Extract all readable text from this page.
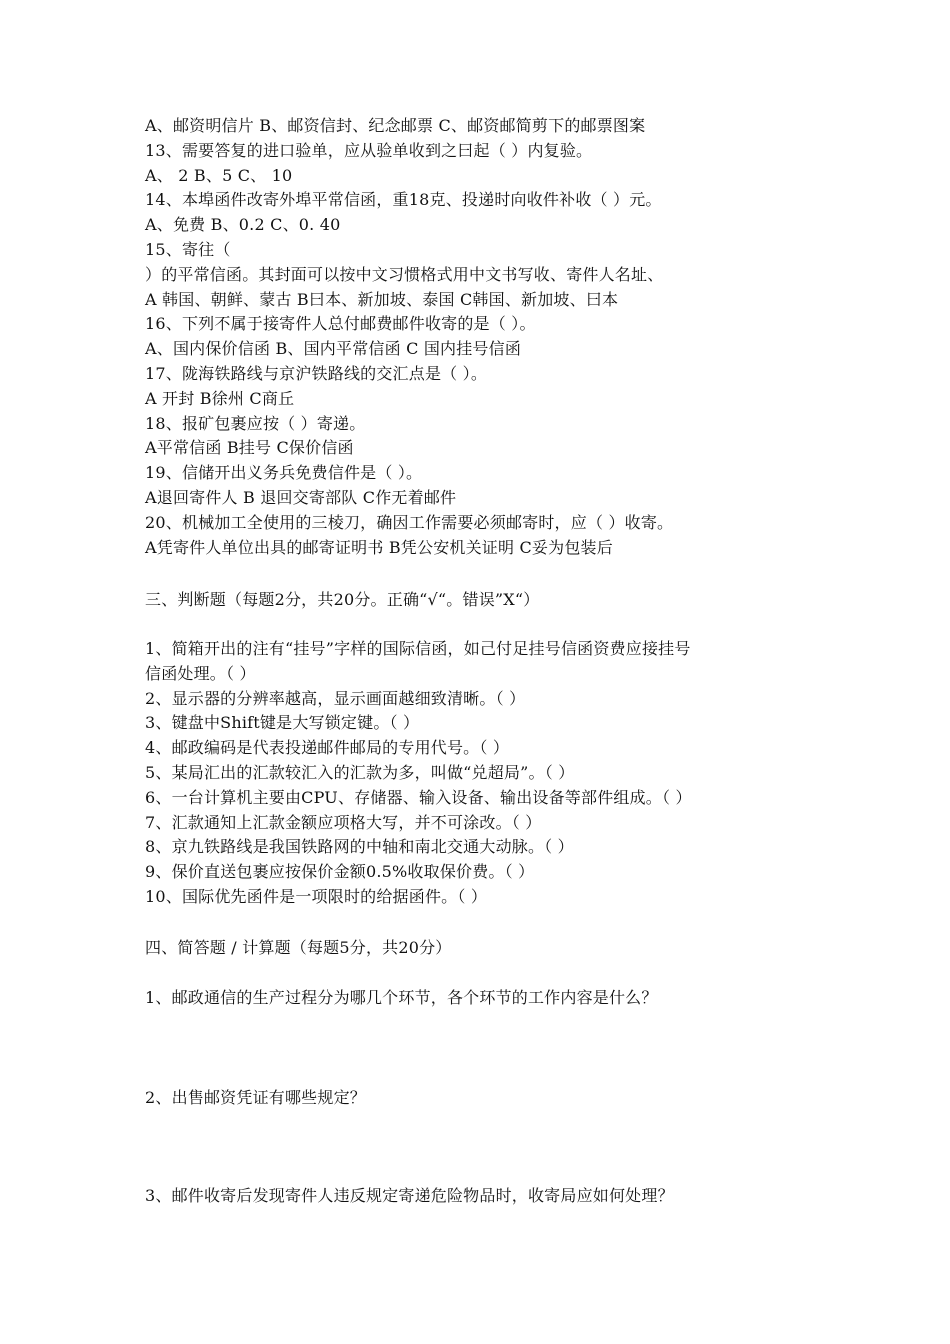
A、邮资明信片 B、邮资信封、纪念邮票 C、邮资邮简剪下的邮票图案
13、需要答复的进口验单，应从验单收到之曰起（ ）内复验。
A、 2 B、5 C、 10
14、本埠函件改寄外埠平常信函，重18克、投递时向收件补收（ ）元。
A、免费 B、0.2 C、0. 40
15、寄往（
）的平常信函。其封面可以按中文习惯格式用中文书写收、寄件人名址、
A 韩国、朝鲜、蒙古 B曰本、新加坡、泰国 C韩国、新加坡、曰本
16、下列不属于接寄件人总付邮费邮件收寄的是（ ）。
A、国内保价信函 B、国内平常信函 C 国内挂号信函
17、陇海铁路线与京沪铁路线的交汇点是（ ）。
A 开封 B徐州 C商丘
18、报矿包裹应按（ ）寄递。
A平常信函 B挂号 C保价信函
19、信储开出义务兵免费信件是（ ）。
A退回寄件人 B 退回交寄部队 C作无着邮件
20、机械加工全使用的三棱刀，确因工作需要必须邮寄时，应（ ）收寄。
A凭寄件人单位出具的邮寄证明书 B凭公安机关证明 C妥为包装后
三、判断题（每题2分，共20分。正确“√“。错误”X“）
1、简箱开出的注有“挂号”字样的国际信函，如己付足挂号信函资费应接挂号
信函处理。（ ）
2、显示器的分辨率越高，显示画面越细致清晰。（ ）
3、键盘中Shift键是大写锁定键。（ ）
4、邮政编码是代表投递邮件邮局的专用代号。（ ）
5、某局汇出的汇款较汇入的汇款为多，叫做“兑超局”。（ ）
6、一台计算机主要由CPU、存储器、输入设备、输出设备等部件组成。（ ）
7、汇款通知上汇款金额应项格大写，并不可涂改。（ ）
8、京九铁路线是我国铁路网的中轴和南北交通大动脉。（ ）
9、保价直送包裹应按保价金额0.5%收取保价费。（ ）
10、国际优先函件是一项限时的给据函件。（ ）
四、简答题 / 计算题（每题5分，共20分）
1、邮政通信的生产过程分为哪几个环节，各个环节的工作内容是什么？
2、出售邮资凭证有哪些规定？
3、邮件收寄后发现寄件人违反规定寄递危险物品时，收寄局应如何处理？
